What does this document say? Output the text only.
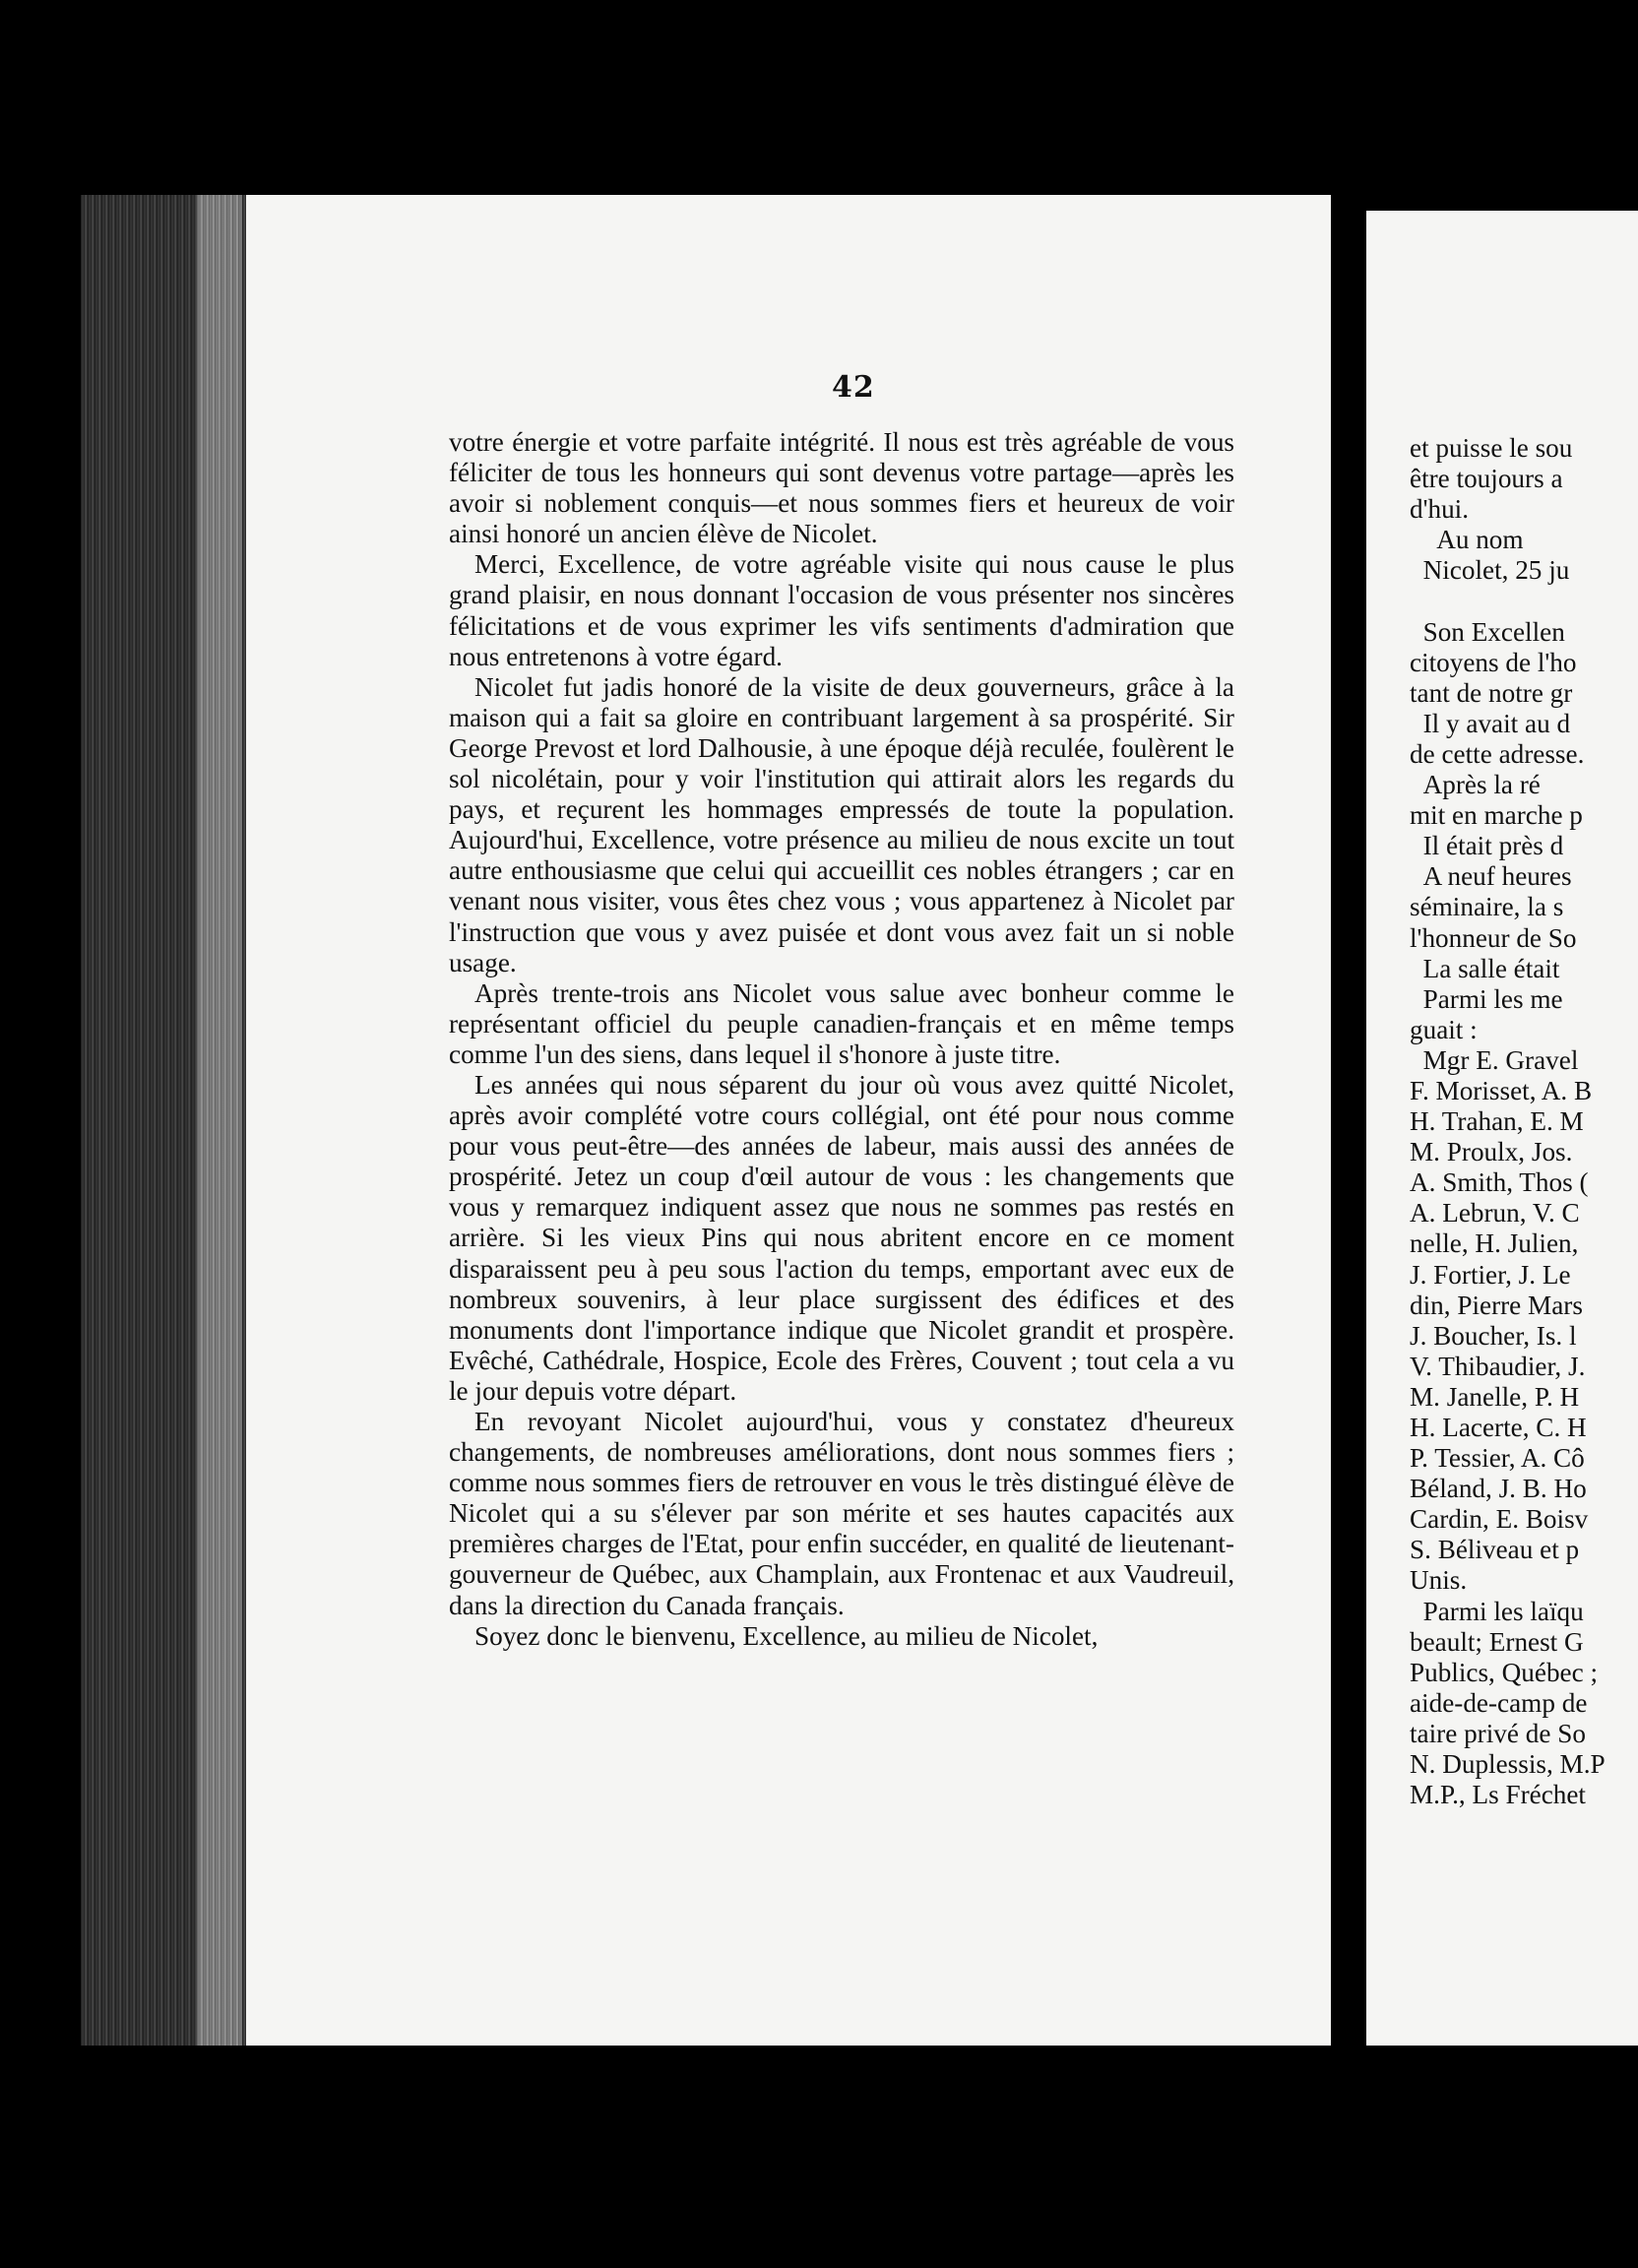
42

votre énergie et votre parfaite intégrité. Il nous est très agréable de vous féliciter de tous les honneurs qui sont devenus votre partage—après les avoir si noblement conquis—et nous sommes fiers et heureux de voir ainsi honoré un ancien élève de Nicolet.

Merci, Excellence, de votre agréable visite qui nous cause le plus grand plaisir, en nous donnant l'occasion de vous présenter nos sincères félicitations et de vous exprimer les vifs sentiments d'admiration que nous entretenons à votre égard.

Nicolet fut jadis honoré de la visite de deux gouverneurs, grâce à la maison qui a fait sa gloire en contribuant largement à sa prospérité. Sir George Prevost et lord Dalhousie, à une époque déjà reculée, foulèrent le sol nicolétain, pour y voir l'institution qui attirait alors les regards du pays, et reçurent les hommages empressés de toute la population. Aujourd'hui, Excellence, votre présence au milieu de nous excite un tout autre enthousiasme que celui qui accueillit ces nobles étrangers ; car en venant nous visiter, vous êtes chez vous ; vous appartenez à Nicolet par l'instruction que vous y avez puisée et dont vous avez fait un si noble usage.

Après trente-trois ans Nicolet vous salue avec bonheur comme le représentant officiel du peuple canadien-français et en même temps comme l'un des siens, dans lequel il s'honore à juste titre.

Les années qui nous séparent du jour où vous avez quitté Nicolet, après avoir complété votre cours collégial, ont été pour nous comme pour vous peut-être—des années de labeur, mais aussi des années de prospérité. Jetez un coup d'œil autour de vous : les changements que vous y remarquez indiquent assez que nous ne sommes pas restés en arrière. Si les vieux Pins qui nous abritent encore en ce moment disparaissent peu à peu sous l'action du temps, emportant avec eux de nombreux souvenirs, à leur place surgissent des édifices et des monuments dont l'importance indique que Nicolet grandit et prospère. Evêché, Cathédrale, Hospice, Ecole des Frères, Couvent ; tout cela a vu le jour depuis votre départ.

En revoyant Nicolet aujourd'hui, vous y constatez d'heureux changements, de nombreuses améliorations, dont nous sommes fiers ; comme nous sommes fiers de retrouver en vous le très distingué élève de Nicolet qui a su s'élever par son mérite et ses hautes capacités aux premières charges de l'Etat, pour enfin succéder, en qualité de lieutenant-gouverneur de Québec, aux Champlain, aux Frontenac et aux Vaudreuil, dans la direction du Canada français.

Soyez donc le bienvenu, Excellence, au milieu de Nicolet,

et puisse le sou
être toujours a
d'hui.
Au nom
Nicolet, 25 ju
Son Excellen
citoyens de l'ho
tant de notre gr
Il y avait au d
de cette adresse.
Après la ré
mit en marche p
Il était près d
A neuf heures
séminaire, la s
l'honneur de So
La salle était
Parmi les me
guait :
Mgr E. Gravel
F. Morisset, A. B
H. Trahan, E. M
M. Proulx, Jos.
A. Smith, Thos (
A. Lebrun, V. C
nelle, H. Julien,
J. Fortier, J. Le
din, Pierre Mars
J. Boucher, Is. l
V. Thibaudier, J.
M. Janelle, P. H
H. Lacerte, C. H
P. Tessier, A. Cô
Béland, J. B. Ho
Cardin, E. Boisv
S. Béliveau et p
Unis.
Parmi les laïqu
beault; Ernest G
Publics, Québec ;
aide-de-camp de
taire privé de So
N. Duplessis, M.P
M.P., Ls Fréchet
